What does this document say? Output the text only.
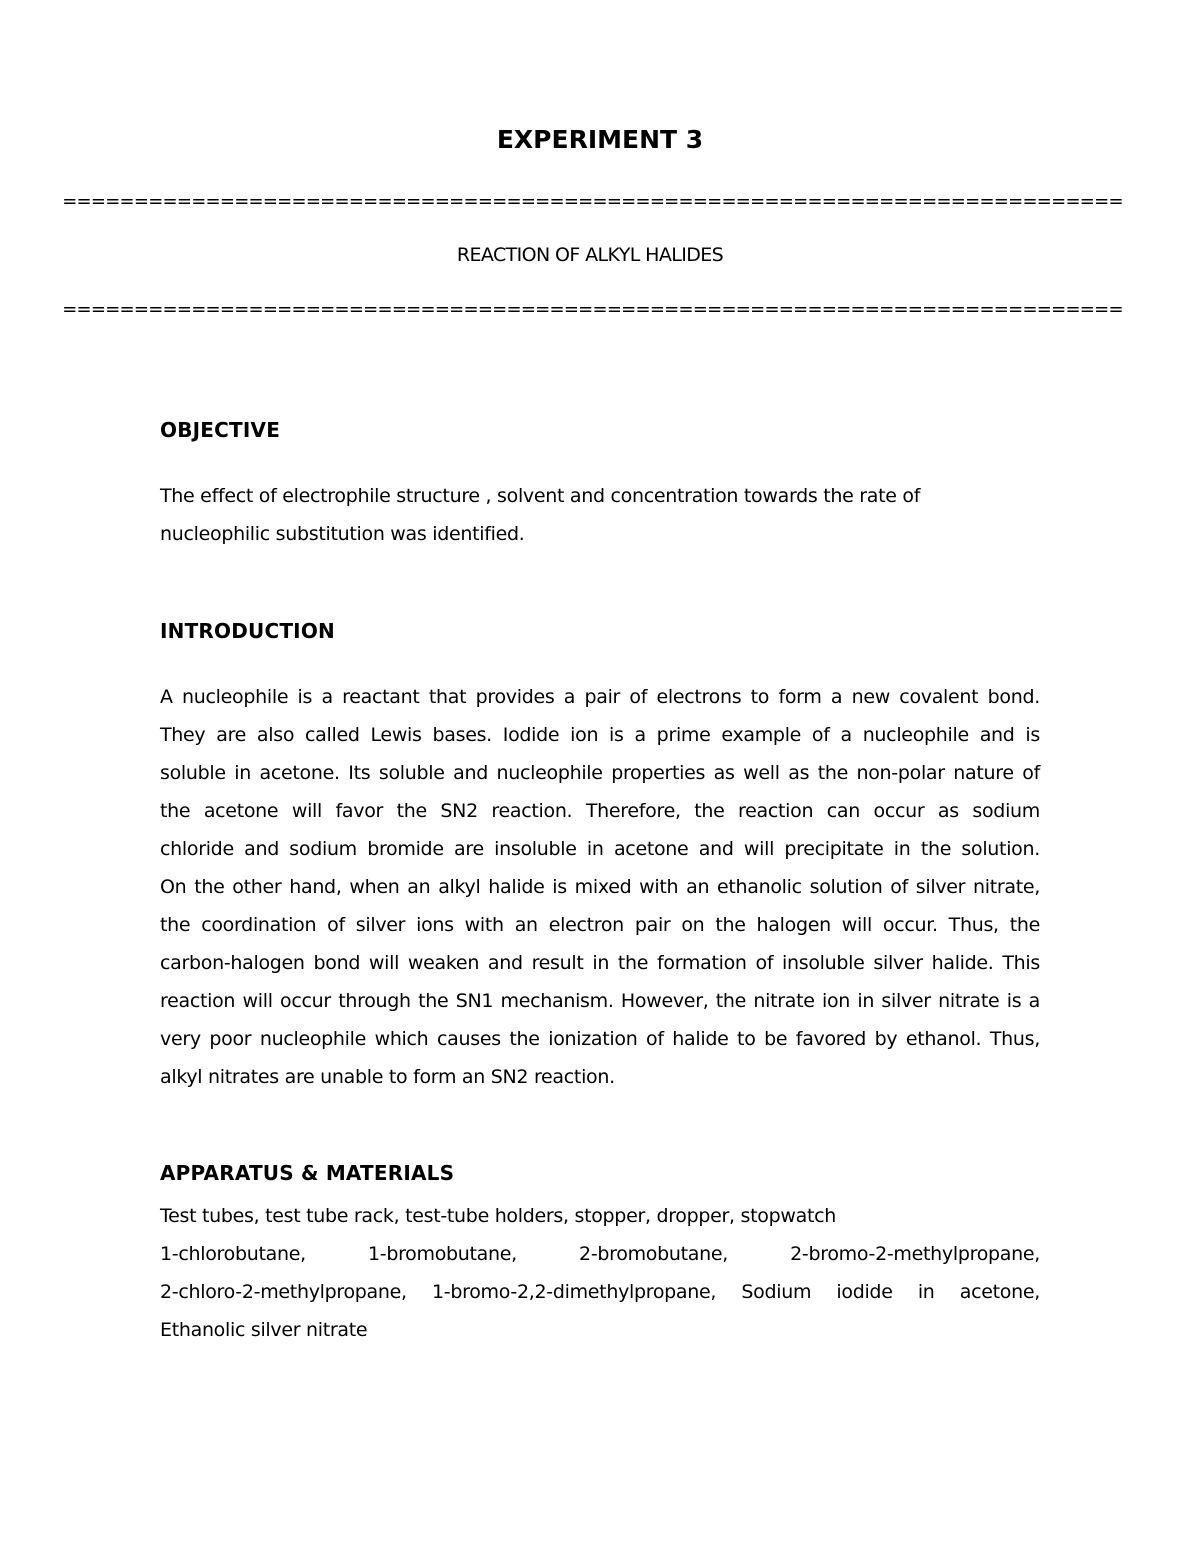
EXPERIMENT 3
==========================================================================
REACTION OF ALKYL HALIDES
==========================================================================
OBJECTIVE
The effect of electrophile structure , solvent and concentration towards the rate of
nucleophilic substitution was identified.
INTRODUCTION
A nucleophile is a reactant that provides a pair of electrons to form a new covalent bond.
They are also called Lewis bases. Iodide ion is a prime example of a nucleophile and is
soluble in acetone. Its soluble and nucleophile properties as well as the non-polar nature of
the acetone will favor the SN2 reaction. Therefore, the reaction can occur as sodium
chloride and sodium bromide are insoluble in acetone and will precipitate in the solution.
On the other hand, when an alkyl halide is mixed with an ethanolic solution of silver nitrate,
the coordination of silver ions with an electron pair on the halogen will occur. Thus, the
carbon-halogen bond will weaken and result in the formation of insoluble silver halide. This
reaction will occur through the SN1 mechanism. However, the nitrate ion in silver nitrate is a
very poor nucleophile which causes the ionization of halide to be favored by ethanol. Thus,
alkyl nitrates are unable to form an SN2 reaction.
APPARATUS & MATERIALS
Test tubes, test tube rack, test-tube holders, stopper, dropper, stopwatch
1-chlorobutane, 1-bromobutane, 2-bromobutane, 2-bromo-2-methylpropane,
2-chloro-2-methylpropane, 1-bromo-2,2-dimethylpropane, Sodium iodide in acetone,
Ethanolic silver nitrate
